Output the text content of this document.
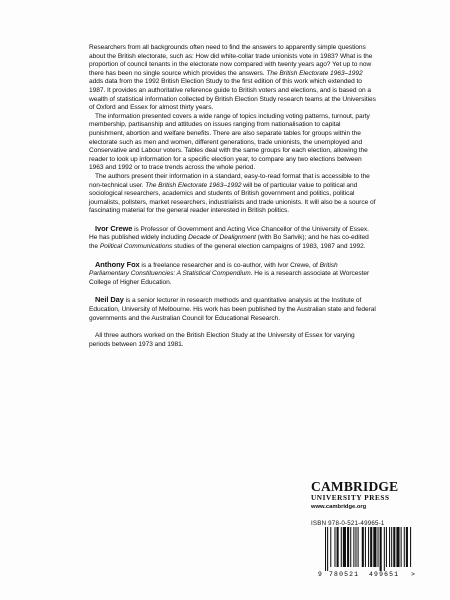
Researchers from all backgrounds often need to find the answers to apparently simple questions about the British electorate, such as: How did white-collar trade unionists vote in 1983? What is the proportion of council tenants in the electorate now compared with twenty years ago? Yet up to now there has been no single source which provides the answers. The British Electorate 1963–1992 adds data from the 1992 British Election Study to the first edition of this work which extended to 1987. It provides an authoritative reference guide to British voters and elections, and is based on a wealth of statistical information collected by British Election Study research teams at the Universities of Oxford and Essex for almost thirty years.

The information presented covers a wide range of topics including voting patterns, turnout, party membership, partisanship and attitudes on issues ranging from nationalisation to capital punishment, abortion and welfare benefits. There are also separate tables for groups within the electorate such as men and women, different generations, trade unionists, the unemployed and Conservative and Labour voters. Tables deal with the same groups for each election, allowing the reader to look up information for a specific election year, to compare any two elections between 1963 and 1992 or to trace trends across the whole period.

The authors present their information in a standard, easy-to-read format that is accessible to the non-technical user. The British Electorate 1963–1992 will be of particular value to political and sociological researchers, academics and students of British government and politics, political journalists, pollsters, market researchers, industrialists and trade unionists. It will also be a source of fascinating material for the general reader interested in British politics.

Ivor Crewe is Professor of Government and Acting Vice Chancellor of the University of Essex. He has published widely including Decade of Dealignment (with Bo Sarlvik); and he has co-edited the Political Communications studies of the general election campaigns of 1983, 1987 and 1992.

Anthony Fox is a freelance researcher and is co-author, with Ivor Crewe, of British Parliamentary Constituencies: A Statistical Compendium. He is a research associate at Worcester College of Higher Education.

Neil Day is a senior lecturer in research methods and quantitative analysis at the Institute of Education, University of Melbourne. His work has been published by the Australian state and federal governments and the Australian Council for Educational Research.

All three authors worked on the British Election Study at the University of Essex for varying periods between 1973 and 1981.

CAMBRIDGE
UNIVERSITY PRESS
www.cambridge.org
ISBN 978-0-521-49965-1
9 780521 499651 >
